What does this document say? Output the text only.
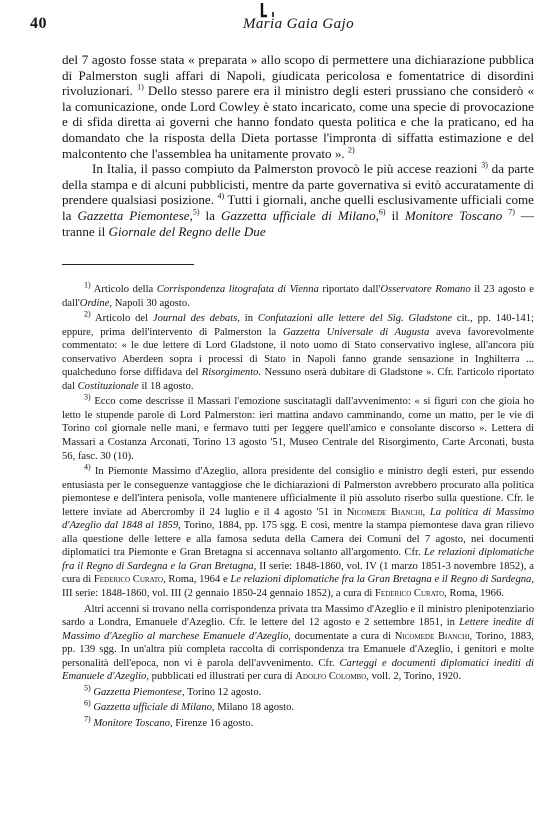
40	Maria Gaia Gajo

del 7 agosto fosse stata « preparata » allo scopo di permettere una dichiarazione pubblica di Palmerston sugli affari di Napoli, giudicata pericolosa e fomentatrice di disordini rivoluzionari. $^{1)}$ Dello stesso parere era il ministro degli esteri prussiano che considerò « la comunicazione, onde Lord Cowley è stato incaricato, come una specie di provocazione e di sfida diretta ai governi che hanno fondato questa politica e che la praticano, ed ha domandato che la risposta della Dieta portasse l'impronta di siffatta estimazione e del malcontento che l'assemblea ha unitamente provato ». $^{2)}$

In Italia, il passo compiuto da Palmerston provocò le più accese reazioni $^{3)}$ da parte della stampa e di alcuni pubblicisti, mentre da parte governativa si evitò accuratamente di prendere qualsiasi posizione. $^{4)}$ Tutti i giornali, anche quelli esclusivamente ufficiali come la Gazzetta Piemontese,$^{5)}$ la Gazzetta ufficiale di Milano,$^{6)}$ il Monitore Toscano $^{7)}$ — tranne il Giornale del Regno delle Due

$^{1)}$ Articolo della Corrispondenza litografata di Vienna riportato dall'Osservatore Romano il 23 agosto e dall'Ordine, Napoli 30 agosto.

$^{2)}$ Articolo del Journal des debats, in Confutazioni alle lettere del Sig. Gladstone cit., pp. 140-141; eppure, prima dell'intervento di Palmerston la Gazzetta Universale di Augusta aveva favorevolmente commentato: « le due lettere di Lord Gladstone, il noto uomo di Stato conservativo inglese, all'ancora più conservativo Aberdeen sopra i processi di Stato in Napoli fanno grande sensazione in Inghilterra ... qualcheduno forse diffidava del Risorgimento. Nessuno oserà dubitare di Gladstone ». Cfr. l'articolo riportato dal Costituzionale il 18 agosto.

$^{3)}$ Ecco come descrisse il Massari l'emozione suscitatagli dall'avvenimento: « si figuri con che gioia ho letto le stupende parole di Lord Palmerston: ieri mattina andavo camminando, come un matto, per le vie di Torino col giornale nelle mani, e fermavo tutti per leggere quell'amico e consolante discorso ». Lettera di Massari a Costanza Arconati, Torino 13 agosto '51, Museo Centrale del Risorgimento, Carte Arconati, busta 56, fasc. 30 (10).

$^{4)}$ In Piemonte Massimo d'Azeglio, allora presidente del consiglio e ministro degli esteri, pur essendo entusiasta per le conseguenze vantaggiose che le dichiarazioni di Palmerston avrebbero procurato alla politica piemontese e dell'intera penisola, volle mantenere ufficialmente il più assoluto riserbo sulla questione. Cfr. le lettere inviate ad Abercromby il 24 luglio e il 4 agosto '51 in Nicomede Bianchi, La politica di Massimo d'Azeglio dal 1848 al 1859, Torino, 1884, pp. 175 sgg. E così, mentre la stampa piemontese dava gran rilievo alla questione delle lettere e alla famosa seduta della Camera dei Comuni del 7 agosto, nei documenti diplomatici tra Piemonte e Gran Bretagna si accennava soltanto all'argomento. Cfr. Le relazioni diplomatiche fra il Regno di Sardegna e la Gran Bretagna, II serie: 1848-1860, vol. IV (1 marzo 1851-3 novembre 1852), a cura di Federico Curato, Roma, 1964 e Le relazioni diplomatiche fra la Gran Bretagna e il Regno di Sardegna, III serie: 1848-1860, vol. III (2 gennaio 1850-24 gennaio 1852), a cura di Federico Curato, Roma, 1966.

Altri accenni si trovano nella corrispondenza privata tra Massimo d'Azeglio e il ministro plenipotenziario sardo a Londra, Emanuele d'Azeglio. Cfr. le lettere del 12 agosto e 2 settembre 1851, in Lettere inedite di Massimo d'Azeglio al marchese Emanuele d'Azeglio, documentate a cura di Nicomede Bianchi, Torino, 1883, pp. 139 sgg. In un'altra più completa raccolta di corrispondenza tra Emanuele d'Azeglio, i genitori e molte personalità dell'epoca, non vi è parola dell'avvenimento. Cfr. Carteggi e documenti diplomatici inediti di Emanuele d'Azeglio, pubblicati ed illustrati per cura di Adolfo Colombo, voll. 2, Torino, 1920.

$^{5)}$ Gazzetta Piemontese, Torino 12 agosto.

$^{6)}$ Gazzetta ufficiale di Milano, Milano 18 agosto.

$^{7)}$ Monitore Toscano, Firenze 16 agosto.
